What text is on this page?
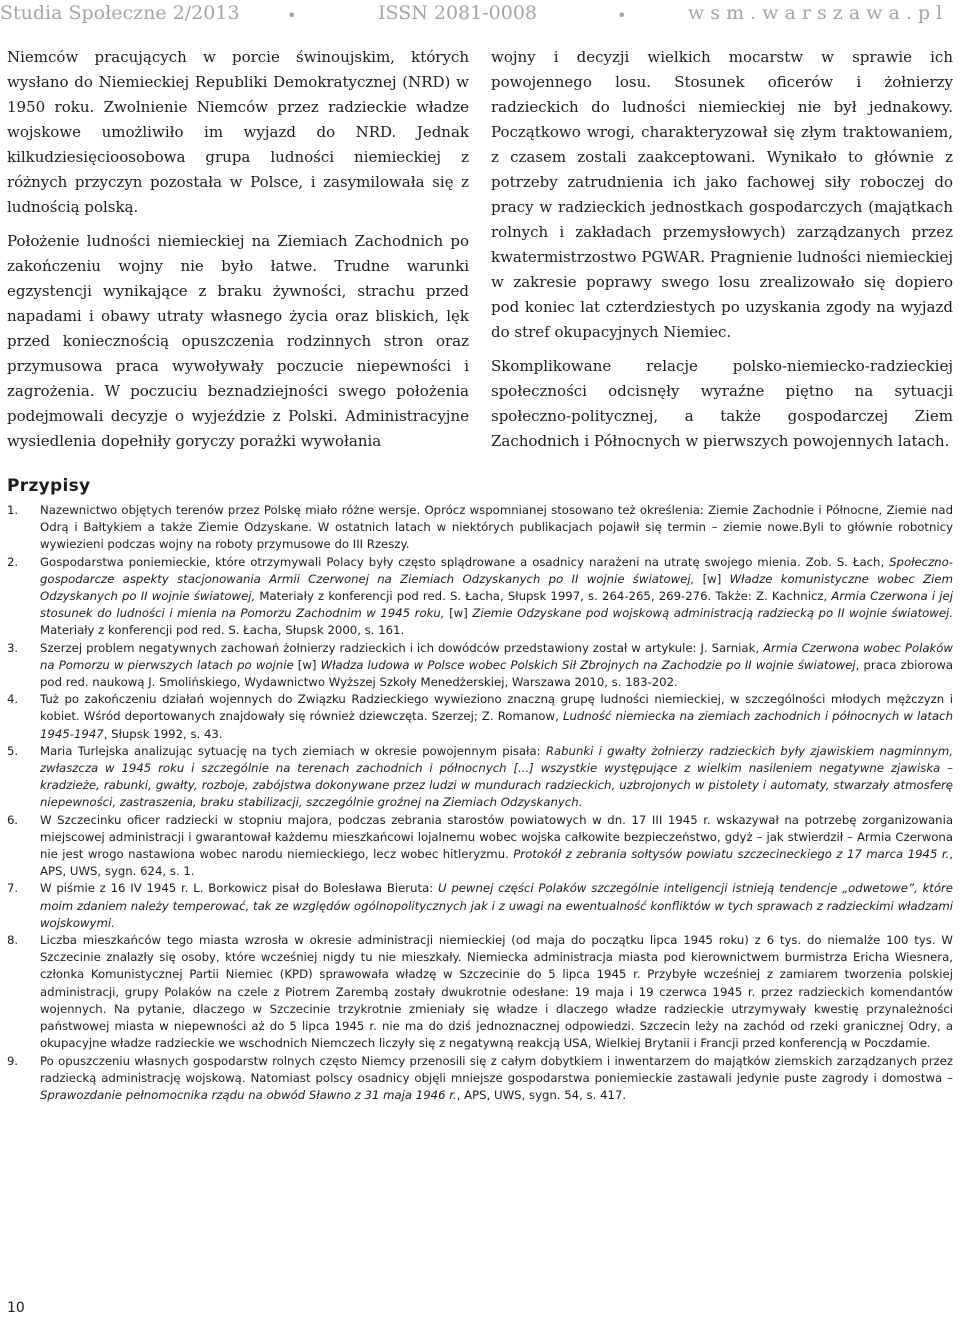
Studia Społeczne 2/2013	•	ISSN 2081-0008	•	w s m . w a r s z a w a . p l

Niemców pracujących w porcie świnoujskim, których wysłano do Niemieckiej Republiki Demokratycznej (NRD) w 1950 roku. Zwolnienie Niemców przez radzieckie władze wojskowe umożliwiło im wyjazd do NRD. Jednak kilkudziesięcioosobowa grupa ludności niemieckiej z różnych przyczyn pozostała w Polsce, i zasymilowała się z ludnością polską.

Położenie ludności niemieckiej na Ziemiach Zachodnich po zakończeniu wojny nie było łatwe. Trudne warunki egzystencji wynikające z braku żywności, strachu przed napadami i obawy utraty własnego życia oraz bliskich, lęk przed koniecznością opuszczenia rodzinnych stron oraz przymusowa praca wywoływały poczucie niepewności i zagrożenia. W poczuciu beznadziejności swego położenia podejmowali decyzje o wyjeździe z Polski. Administracyjne wysiedlenia dopełniły goryczy porażki wywołania

wojny i decyzji wielkich mocarstw w sprawie ich powojennego losu. Stosunek oficerów i żołnierzy radzieckich do ludności niemieckiej nie był jednakowy. Początkowo wrogi, charakteryzował się złym traktowaniem, z czasem zostali zaakceptowani. Wynikało to głównie z potrzeby zatrudnienia ich jako fachowej siły roboczej do pracy w radzieckich jednostkach gospodarczych (majątkach rolnych i zakładach przemysłowych) zarządzanych przez kwatermistrzostwo PGWAR. Pragnienie ludności niemieckiej w zakresie poprawy swego losu zrealizowało się dopiero pod koniec lat czterdziestych po uzyskania zgody na wyjazd do stref okupacyjnych Niemiec.

Skomplikowane relacje polsko-niemiecko-radzieckiej społeczności odcisnęły wyraźne piętno na sytuacji społeczno-politycznej, a także gospodarczej Ziem Zachodnich i Północnych w pierwszych powojennych latach.

Przypisy
1.	Nazewnictwo objętych terenów przez Polskę miało różne wersje. Oprócz wspomnianej stosowano też określenia: Ziemie Zachodnie i Północne, Ziemie nad Odrą i Bałtykiem a także Ziemie Odzyskane. W ostatnich latach w niektórych publikacjach pojawił się termin – ziemie nowe.Byli to głównie robotnicy wywiezieni podczas wojny na roboty przymusowe do III Rzeszy.
2.	Gospodarstwa poniemieckie, które otrzymywali Polacy były często splądrowane a osadnicy narażeni na utratę swojego mienia. Zob. S. Łach, Społeczno-gospodarcze aspekty stacjonowania Armii Czerwonej na Ziemiach Odzyskanych po II wojnie światowej, [w] Władze komunistyczne wobec Ziem Odzyskanych po II wojnie światowej, Materiały z konferencji pod red. S. Łacha, Słupsk 1997, s. 264-265, 269-276. Także: Z. Kachnicz, Armia Czerwona i jej stosunek do ludności i mienia na Pomorzu Zachodnim w 1945 roku, [w] Ziemie Odzyskane pod wojskową administracją radziecką po II wojnie światowej. Materiały z konferencji pod red. S. Łacha, Słupsk 2000, s. 161.
3.	Szerzej problem negatywnych zachowań żołnierzy radzieckich i ich dowódców przedstawiony został w artykule: J. Sarniak, Armia Czerwona wobec Polaków na Pomorzu w pierwszych latach po wojnie [w] Władza ludowa w Polsce wobec Polskich Sił Zbrojnych na Zachodzie po II wojnie światowej, praca zbiorowa pod red. naukową J. Smolińskiego, Wydawnictwo Wyższej Szkoły Menedżerskiej, Warszawa 2010, s. 183-202.
4.	Tuż po zakończeniu działań wojennych do Związku Radzieckiego wywieziono znaczną grupę ludności niemieckiej, w szczególności młodych mężczyzn i kobiet. Wśród deportowanych znajdowały się również dziewczęta. Szerzej; Z. Romanow, Ludność niemiecka na ziemiach zachodnich i północnych w latach 1945-1947, Słupsk 1992, s. 43.
5.	Maria Turlejska analizując sytuację na tych ziemiach w okresie powojennym pisała: Rabunki i gwałty żołnierzy radzieckich były zjawiskiem nagminnym, zwłaszcza w 1945 roku i szczególnie na terenach zachodnich i północnych [...] wszystkie występujące z wielkim nasileniem negatywne zjawiska – kradzieże, rabunki, gwałty, rozboje, zabójstwa dokonywane przez ludzi w mundurach radzieckich, uzbrojonych w pistolety i automaty, stwarzały atmosferę niepewności, zastraszenia, braku stabilizacji, szczególnie groźnej na Ziemiach Odzyskanych.
6.	W Szczecinku oficer radziecki w stopniu majora, podczas zebrania starostów powiatowych w dn. 17 III 1945 r. wskazywał na potrzebę zorganizowania miejscowej administracji i gwarantował każdemu mieszkańcowi lojalnemu wobec wojska całkowite bezpieczeństwo, gdyż – jak stwierdził – Armia Czerwona nie jest wrogo nastawiona wobec narodu niemieckiego, lecz wobec hitleryzmu. Protokół z zebrania sołtysów powiatu szczecineckiego z 17 marca 1945 r., APS, UWS, sygn. 624, s. 1.
7.	W piśmie z 16 IV 1945 r. L. Borkowicz pisał do Bolesława Bieruta: U pewnej części Polaków szczególnie inteligencji istnieją tendencje „odwetowe”, które moim zdaniem należy temperować, tak ze względów ogólnopolitycznych jak i z uwagi na ewentualność konfliktów w tych sprawach z radzieckimi władzami wojskowymi.
8.	Liczba mieszkańców tego miasta wzrosła w okresie administracji niemieckiej (od maja do początku lipca 1945 roku) z 6 tys. do niemalże 100 tys. W Szczecinie znalazły się osoby, które wcześniej nigdy tu nie mieszkały. Niemiecka administracja miasta pod kierownictwem burmistrza Ericha Wiesnera, członka Komunistycznej Partii Niemiec (KPD) sprawowała władzę w Szczecinie do 5 lipca 1945 r. Przybyłe wcześniej z zamiarem tworzenia polskiej administracji, grupy Polaków na czele z Piotrem Zarembą zostały dwukrotnie odesłane: 19 maja i 19 czerwca 1945 r. przez radzieckich komendantów wojennych. Na pytanie, dlaczego w Szczecinie trzykrotnie zmieniały się władze i dlaczego władze radzieckie utrzymywały kwestię przynależności państwowej miasta w niepewności aż do 5 lipca 1945 r. nie ma do dziś jednoznacznej odpowiedzi. Szczecin leży na zachód od rzeki granicznej Odry, a okupacyjne władze radzieckie we wschodnich Niemczech liczyły się z negatywną reakcją USA, Wielkiej Brytanii i Francji przed konferencją w Poczdamie.
9.	Po opuszczeniu własnych gospodarstw rolnych często Niemcy przenosili się z całym dobytkiem i inwentarzem do majątków ziemskich zarządzanych przez radziecką administrację wojskową. Natomiast polscy osadnicy objęli mniejsze gospodarstwa poniemieckie zastawali jedynie puste zagrody i domostwa –Sprawozdanie pełnomocnika rządu na obwód Sławno z 31 maja 1946 r., APS, UWS, sygn. 54, s. 417.
10
